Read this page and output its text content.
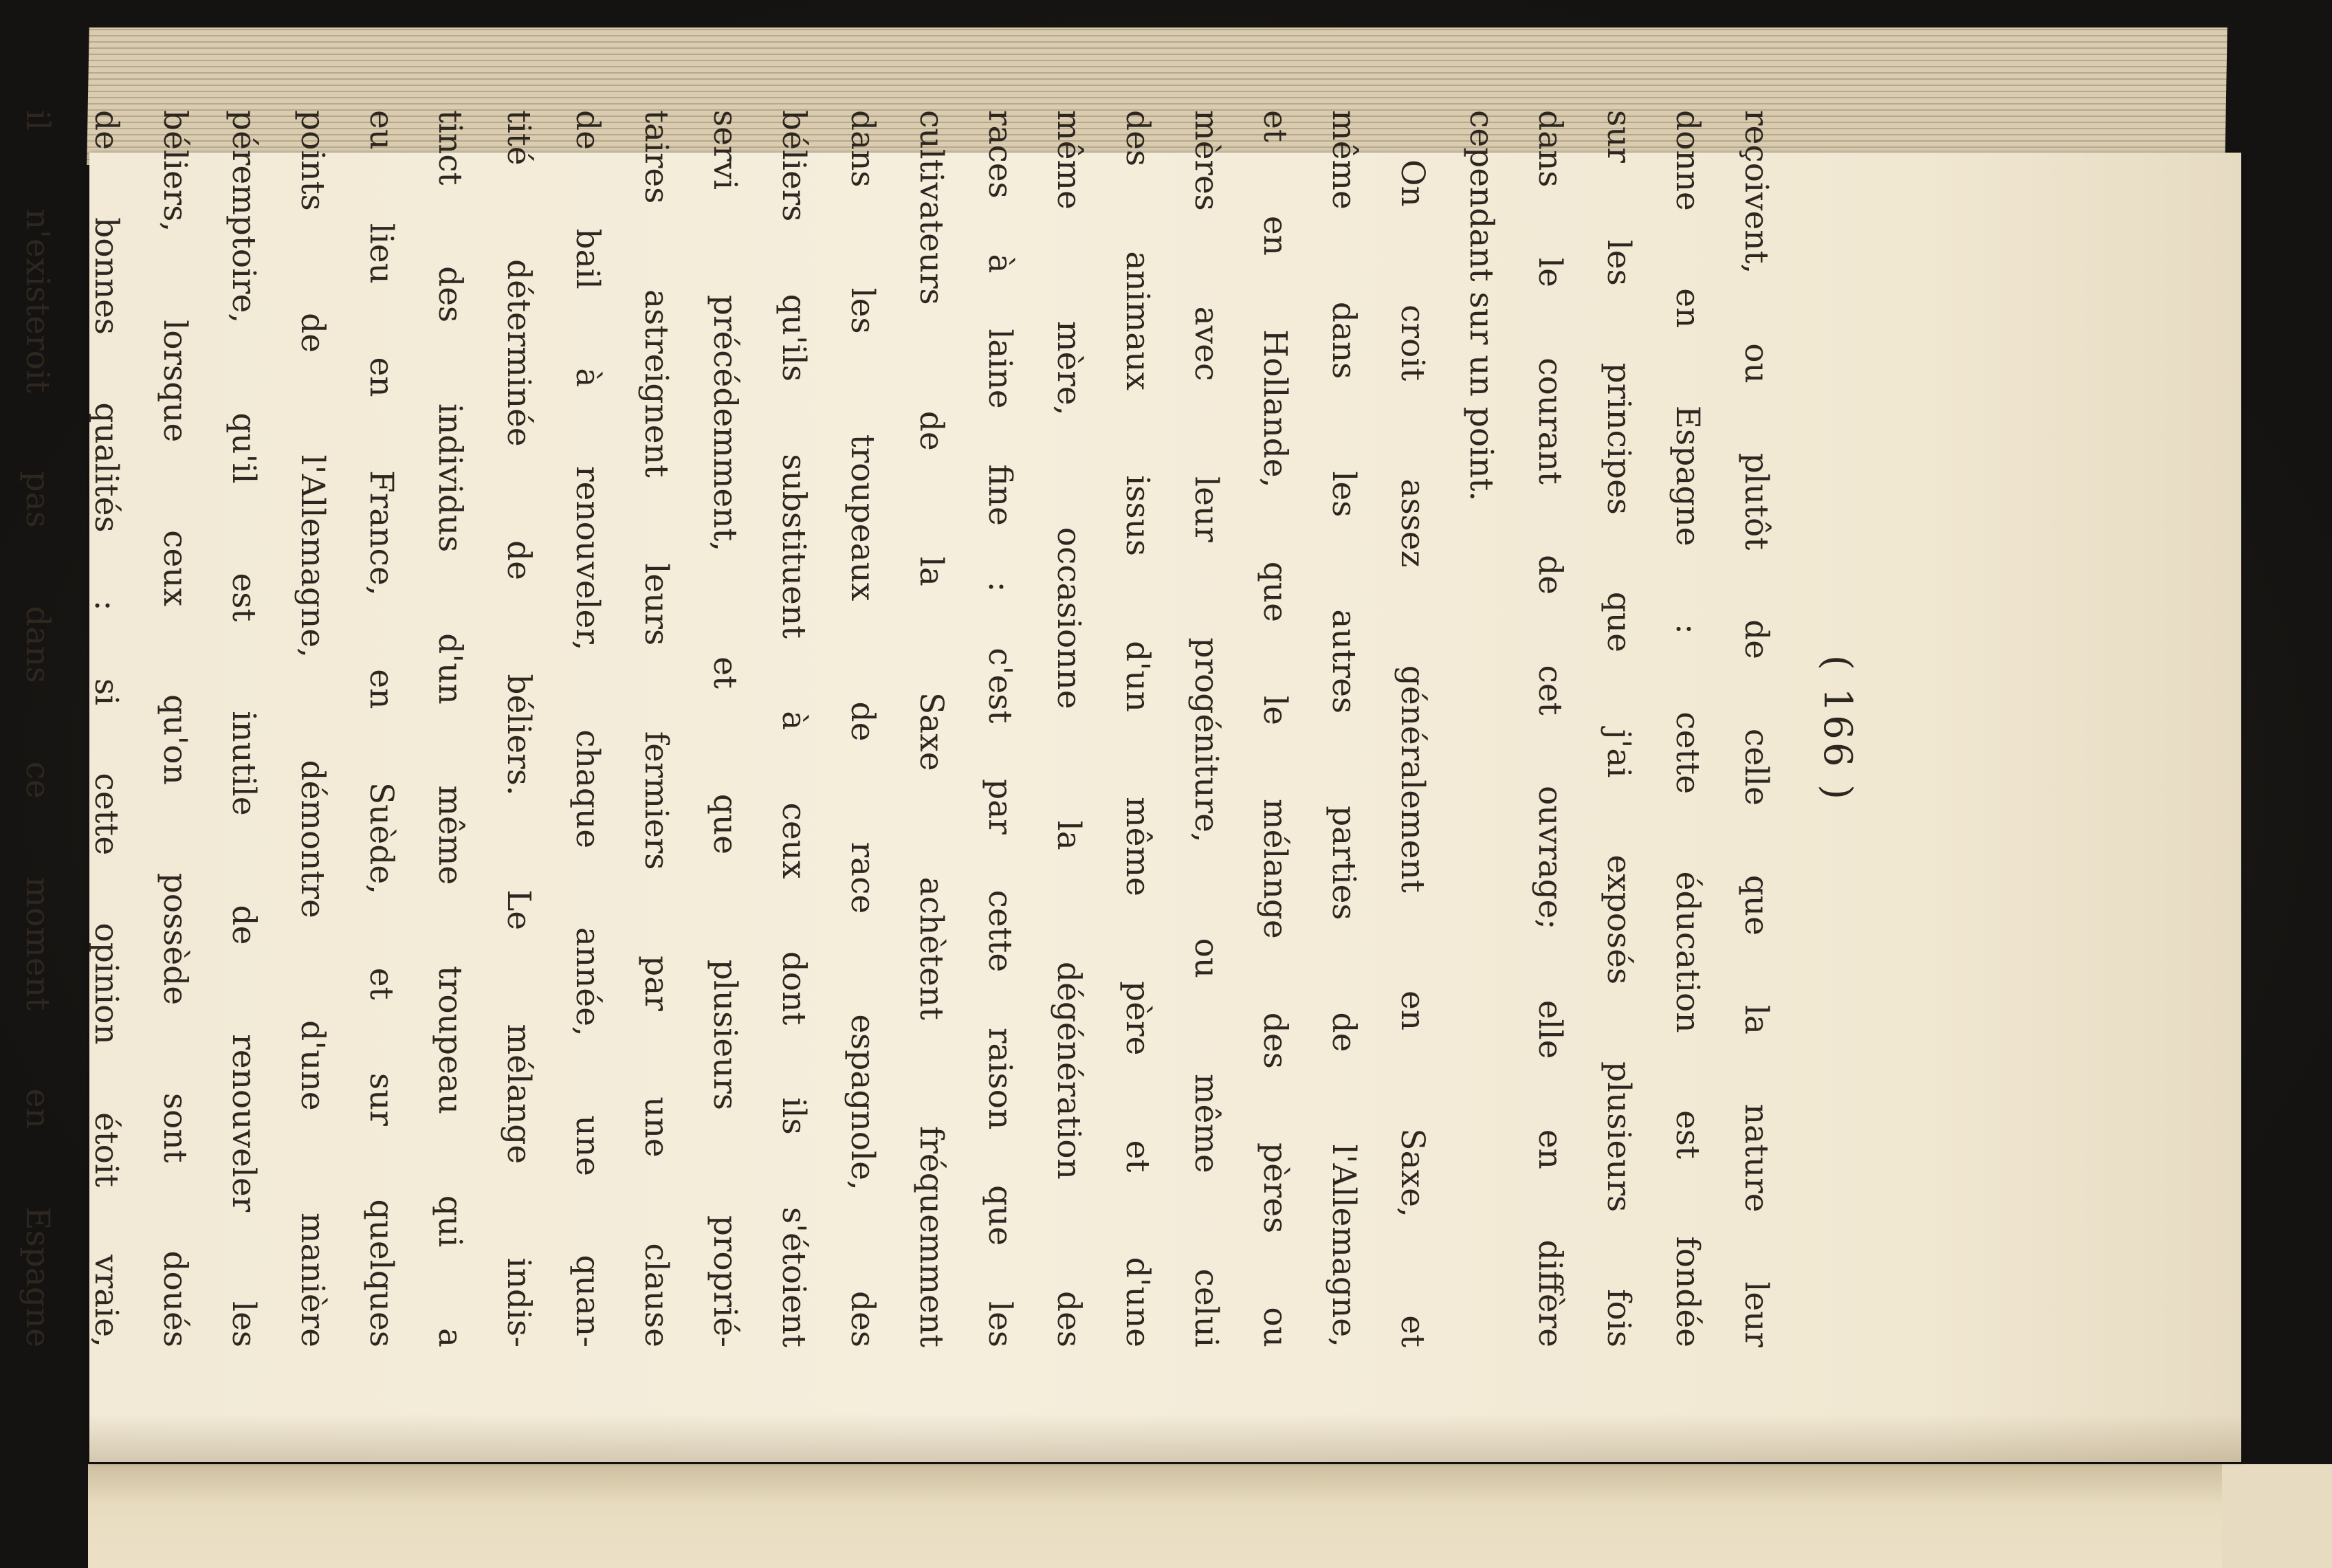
( 166 )
reçoivent, ou plutôt de celle que la nature leur
donne en Espagne : cette éducation est fondée
sur les principes que j'ai exposés plusieurs fois
dans le courant de cet ouvrage; elle en diffère
cependant sur un point.
On croit assez généralement en Saxe, et
même dans les autres parties de l'Allemagne,
et en Hollande, que le mélange des pères ou
mères avec leur progéniture, ou même celui
des animaux issus d'un même père et d'une
même mère, occasionne la dégénération des
races à laine fine : c'est par cette raison que les
cultivateurs de la Saxe achètent fréquemment
dans les troupeaux de race espagnole, des
béliers qu'ils substituent à ceux dont ils s'étoient
servi précédemment, et que plusieurs proprié-
taires astreignent leurs fermiers par une clause
de bail à renouveler, chaque année, une quan-
tité déterminée de béliers. Le mélange indis-
tinct des individus d'un même troupeau qui a
eu lieu en France, en Suède, et sur quelques
points de l'Allemagne, démontre d'une manière
péremptoire, qu'il est inutile de renouveler les
béliers, lorsque ceux qu'on possède sont doués
de bonnes qualités : si cette opinion étoit vraie,
il n'existeroit pas dans ce moment en Espagne
